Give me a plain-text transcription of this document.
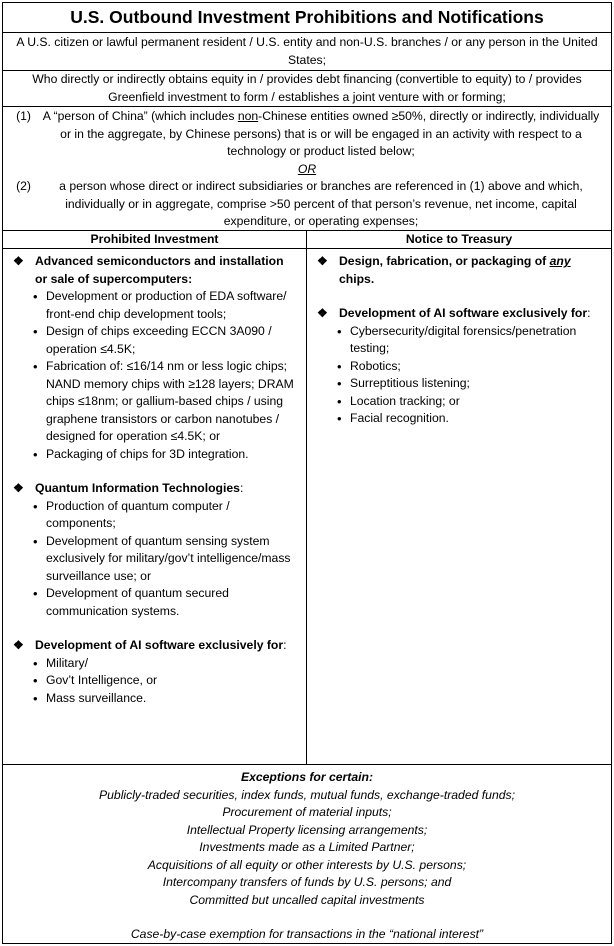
U.S. Outbound Investment Prohibitions and Notifications
A U.S. citizen or lawful permanent resident / U.S. entity and non-U.S. branches / or any person in the United States;
Who directly or indirectly obtains equity in / provides debt financing (convertible to equity) to / provides Greenfield investment to form / establishes a joint venture with or forming;
(1) A “person of China” (which includes non-Chinese entities owned ≥50%, directly or indirectly, individually or in the aggregate, by Chinese persons) that is or will be engaged in an activity with respect to a technology or product listed below;
OR
(2)	a person whose direct or indirect subsidiaries or branches are referenced in (1) above and which, individually or in aggregate, comprise >50 percent of that person’s revenue, net income, capital expenditure, or operating expenses;
Prohibited Investment
❖ Advanced semiconductors and installation or sale of supercomputers:
• Development or production of EDA software/ front-end chip development tools;
• Design of chips exceeding ECCN 3A090 / operation ≤4.5K;
• Fabrication of: ≤16/14 nm or less logic chips; NAND memory chips with ≥128 layers; DRAM chips ≤18nm; or gallium-based chips / using graphene transistors or carbon nanotubes / designed for operation ≤4.5K; or
• Packaging of chips for 3D integration.
❖ Quantum Information Technologies:
• Production of quantum computer / components;
• Development of quantum sensing system exclusively for military/gov’t intelligence/mass surveillance use; or
• Development of quantum secured communication systems.
❖ Development of AI software exclusively for:
• Military/
• Gov’t Intelligence, or
• Mass surveillance.
Notice to Treasury
❖ Design, fabrication, or packaging of any chips.
❖ Development of AI software exclusively for:
• Cybersecurity/digital forensics/penetration testing;
• Robotics;
• Surreptitious listening;
• Location tracking; or
• Facial recognition.
Exceptions for certain:
Publicly-traded securities, index funds, mutual funds, exchange-traded funds;
Procurement of material inputs;
Intellectual Property licensing arrangements;
Investments made as a Limited Partner;
Acquisitions of all equity or other interests by U.S. persons;
Intercompany transfers of funds by U.S. persons; and
Committed but uncalled capital investments
Case-by-case exemption for transactions in the “national interest”
